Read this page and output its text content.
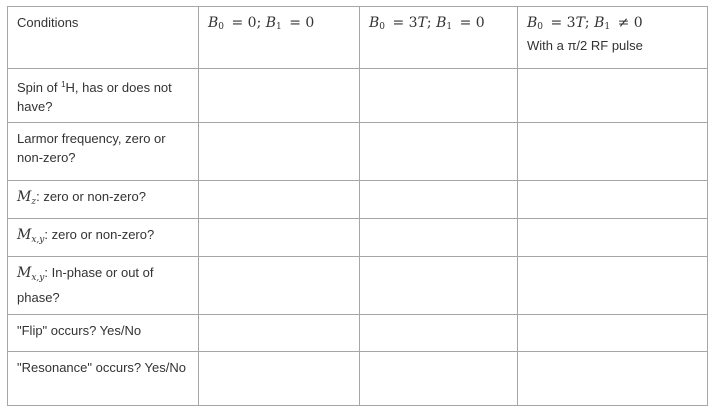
Conditions	$B_0 = 0$; $B_1 = 0$	$B_0 = 3T$; $B_1 = 0$	$B_0 = 3T$; $B_1 \ne 0$
With a π/2 RF pulse

Spin of $^1$H, has or does not have?			
Larmor frequency, zero or non-zero?			
$M_z$: zero or non-zero?			
$M_{x,y}$: zero or non-zero?			
$M_{x,y}$: In-phase or out of phase?			
"Flip" occurs? Yes/No			
"Resonance" occurs? Yes/No			
